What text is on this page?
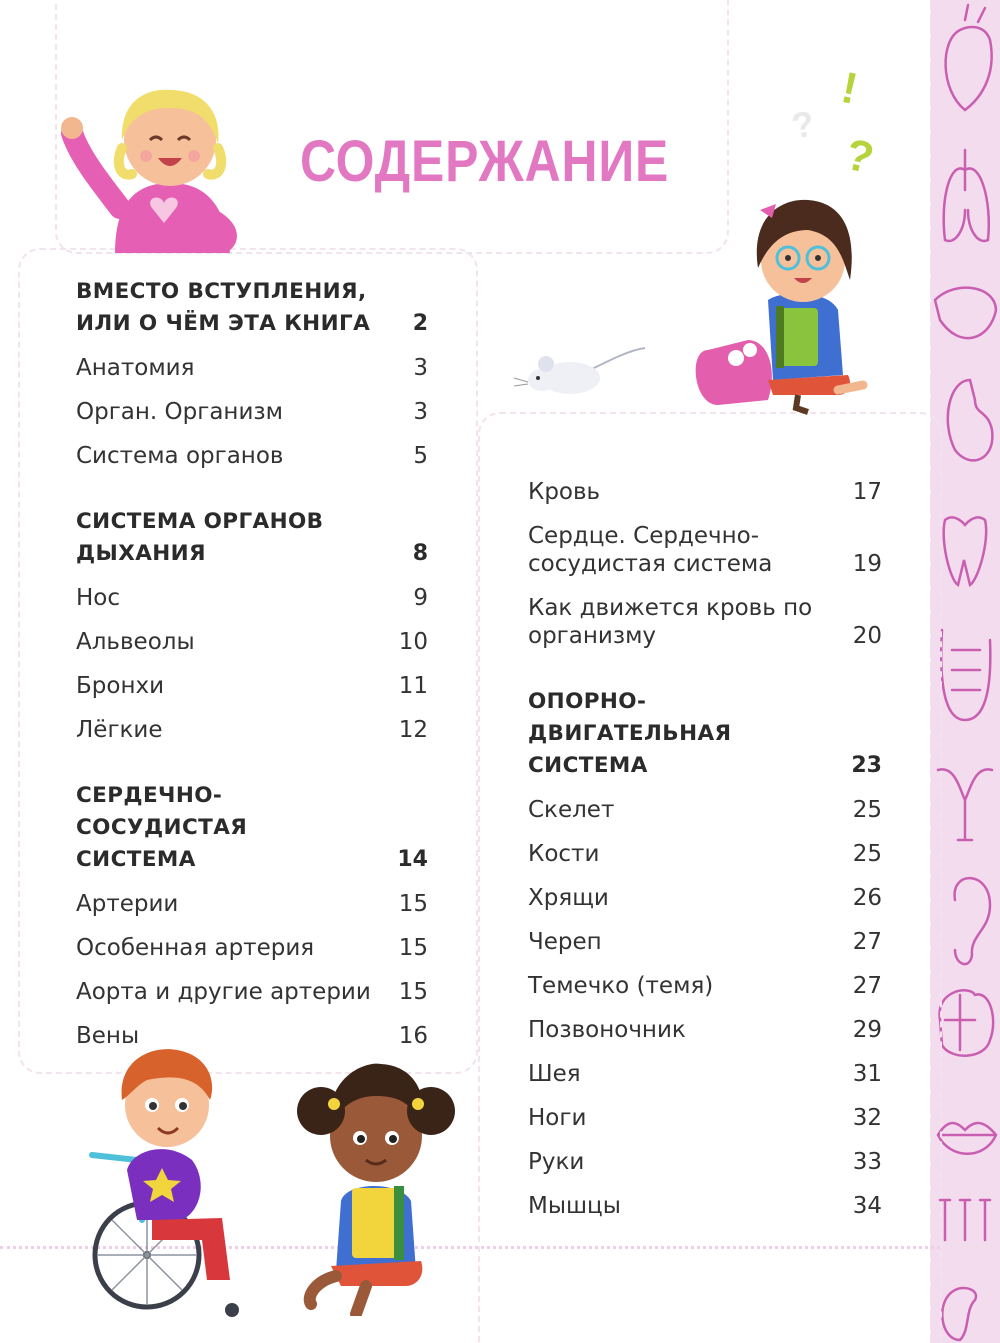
СОДЕРЖАНИЕ
!
?
?
ВМЕСТО ВСТУПЛЕНИЯ, ИЛИ О ЧЁМ ЭТА КНИГА	2
Анатомия	3
Орган. Организм	3
Система органов	5
СИСТЕМА ОРГАНОВ ДЫХАНИЯ	8
Нос	9
Альвеолы	10
Бронхи	11
Лёгкие	12
СЕРДЕЧНО-СОСУДИСТАЯ СИСТЕМА	14
Артерии	15
Особенная артерия	15
Аорта и другие артерии	15
Вены	16
Кровь	17
Сердце. Сердечно-сосудистая система	19
Как движется кровь по организму	20
ОПОРНО-ДВИГАТЕЛЬНАЯ СИСТЕМА	23
Скелет	25
Кости	25
Хрящи	26
Череп	27
Темечко (темя)	27
Позвоночник	29
Шея	31
Ноги	32
Руки	33
Мышцы	34
